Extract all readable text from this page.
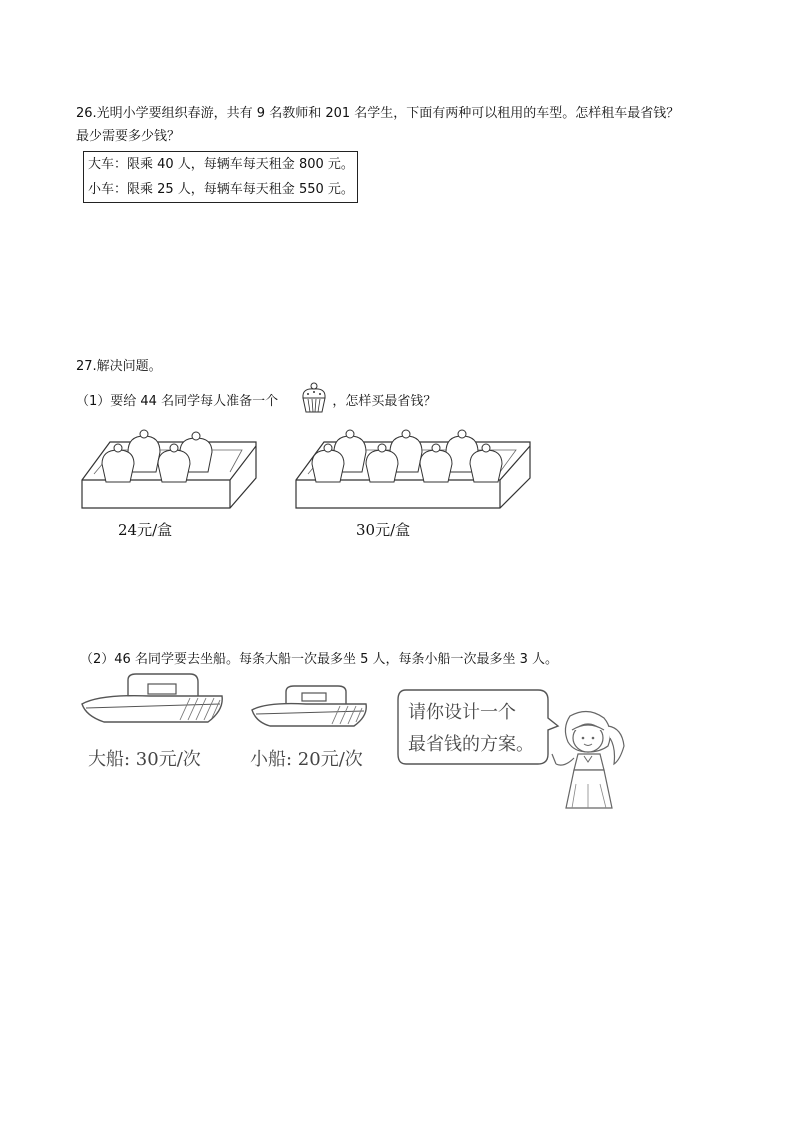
26.光明小学要组织春游，共有 9 名教师和 201 名学生，下面有两种可以租用的车型。怎样租车最省钱？
最少需要多少钱？
大车：限乘 40 人，每辆车每天租金 800 元。
小车：限乘 25 人，每辆车每天租金 550 元。
27.解决问题。
（1）要给 44 名同学每人准备一个	，怎样买最省钱？
24元/盒	30元/盒
（2）46 名同学要去坐船。每条大船一次最多坐 5 人，每条小船一次最多坐 3 人。
大船: 30元/次	小船: 20元/次
请你设计一个
最省钱的方案。
